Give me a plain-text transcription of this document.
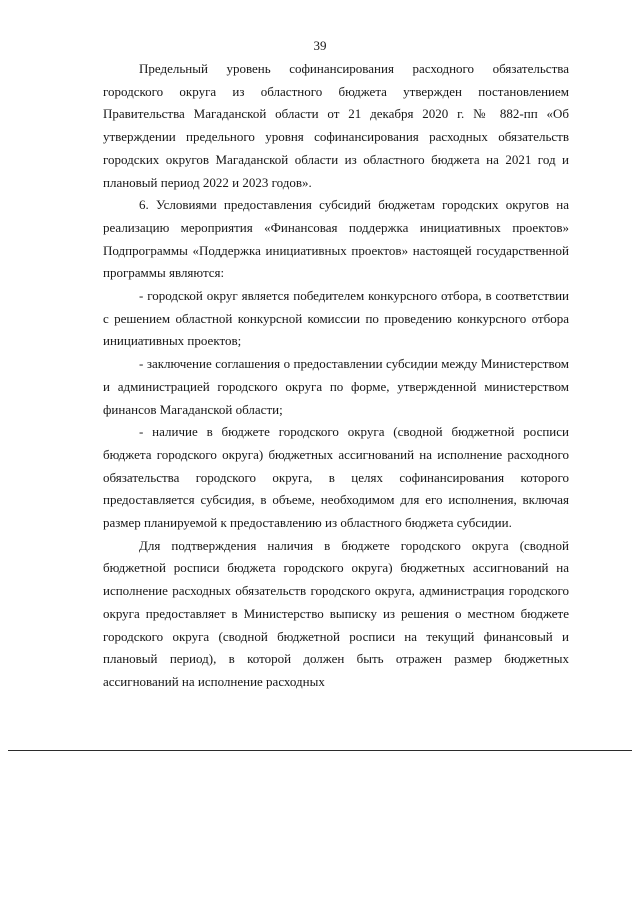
39

Предельный уровень софинансирования расходного обязательства городского округа из областного бюджета утвержден постановлением Правительства Магаданской области от 21 декабря 2020 г. № 882-пп «Об утверждении предельного уровня софинансирования расходных обязательств городских округов Магаданской области из областного бюджета на 2021 год и плановый период 2022 и 2023 годов».

6. Условиями предоставления субсидий бюджетам городских округов на реализацию мероприятия «Финансовая поддержка инициативных проектов» Подпрограммы «Поддержка инициативных проектов» настоящей государственной программы являются:

- городской округ является победителем конкурсного отбора, в соответствии с решением областной конкурсной комиссии по проведению конкурсного отбора инициативных проектов;

- заключение соглашения о предоставлении субсидии между Министерством и администрацией городского округа по форме, утвержденной министерством финансов Магаданской области;

- наличие в бюджете городского округа (сводной бюджетной росписи бюджета городского округа) бюджетных ассигнований на исполнение расходного обязательства городского округа, в целях софинансирования которого предоставляется субсидия, в объеме, необходимом для его исполнения, включая размер планируемой к предоставлению из областного бюджета субсидии.

Для подтверждения наличия в бюджете городского округа (сводной бюджетной росписи бюджета городского округа) бюджетных ассигнований на исполнение расходных обязательств городского округа, администрация городского округа предоставляет в Министерство выписку из решения о местном бюджете городского округа (сводной бюджетной росписи на текущий финансовый и плановый период), в которой должен быть отражен размер бюджетных ассигнований на исполнение расходных
